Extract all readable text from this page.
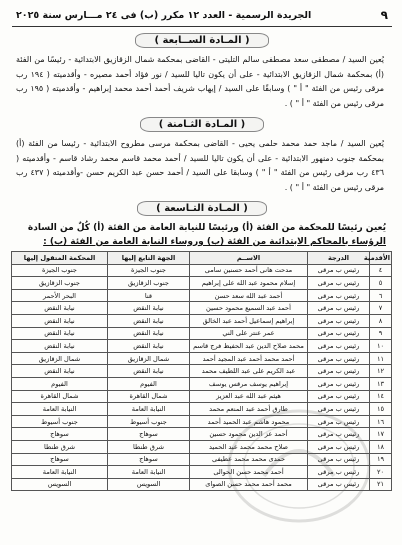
٩
الجريدة الرسمية - العدد ١٢ مكرر (ب) فى ٢٤ مـــارس سنة ٢٠٢٥
( المـادة الســابعة )

يُعين السيد / مصطفى سعد مصطفى سالم التليتى - القاضى بمحكمة شمال الزقازيق الابتدائية - رئيسًا من الفئة (أ) بمحكمة شمال الزقازيق الابتدائية - على أن يكون تاليا للسيد / نور فؤاد أحمد مصيره - وأقدميته ( ١٩٤ رب مرقى رئيس من الفئة " أ " ) وسابقًا على السيد / إيهاب شريف أحمد أحمد محمد إبراهيم - وأقدميته ( ١٩٥ رب مرقى رئيس من الفئة " أ " ) .

( المـادة الثـامنة )

يُعين السيد / ماجد حمد محمد حلمى يحيى - القاضى بمحكمة مرسى مطروح الابتدائية - رئيسا من الفئة (أ) بمحكمة جنوب دمنهور الابتدائية - على أن يكون تاليا للسيد / أحمد محمد قاسم محمد رشاد قاسم - وأقدميته ( ٤٣٦ رب مرقى رئيس من الفئة " أ " ) وسابقا على السيد / أحمد حسن عبد الكريم حسن -وأقدميته ( ٤٣٧ رب مرقى رئيس من الفئة " أ " ) .

( المـادة التـاسعة )
يُعين رئيسًا للمحكمة من الفئة (أ) ورئيسًا للنيابة العامة من الفئة (أ) كُلٌ من السادة
الرؤساء بالمحاكم الابتدائية من الفئة (ب) وروساء النيابة العامة من الفئة (ب) :
الأقدمية	الدرجة	الاســم	الجهة التابع إليها	المحكمة المتقول إليها
٤	رئيس ب مرقى	مدحت هانى أحمد حسنين سامى	جنوب الجيزة	جنوب الجيزة
٥	رئيس ب مرقى	إسلام محمود عبد الله على إبراهيم	جنوب الزقازيق	جنوب الزقازيق
٦	رئيس ب مرقى	أحمد عبد الله سعد حسن	قنا	البحر الأحمر
٧	رئيس ب مرقى	أحمد عبد السميع محمود حسين	نيابة النقض	نيابة النقض
٨	رئيس ب مرقى	إبراهيم إسماعيل أحمد عبد الخالق	نيابة النقض	نيابة النقض
٩	رئيس ب مرقى	عمر عنتر على الني	نيابة النقض	نيابة النقض
١٠	رئيس ب مرقى	محمد صلاح الدين عبد الحفيظ فرج قاسم	نيابة النقض	نيابة النقض
١١	رئيس ب مرقى	أحمد محمد أحمد عبد المجيد أحمد	شمال الزقازيق	شمال الزقازيق
١٢	رئيس ب مرقى	عبد الكريم على عبد اللطيف محمد	نيابة النقض	نيابة النقض
١٣	رئيس ب مرقى	إبراهيم يوسف مرقس يوسف	الفيوم	الفيوم
١٤	رئيس ب مرقى	هيثم عبد الله عبد العزيز	شمال القاهرة	شمال القاهرة
١٥	رئيس ب مرقى	طارق أحمد عبد المنعم محمد	النيابة العامة	النيابة العامة
١٦	رئيس ب مرقى	محمود هاشم عبد الحميد أحمد	جنوب أسيوط	جنوب أسيوط
١٧	رئيس ب مرقى	أحمد عز الدين محمود حسين	سوهاج	سوهاج
١٨	رئيس ب مرقى	صلاح محمد محمد عبد الحميد	شرق طنطا	شرق طنطا
١٩	رئيس ب مرقى	حمدى محمد محمد عطيفى	سوهاج	سوهاج
٢٠	رئيس ب مرقى	أحمد محمد حسن الحوالى	النيابة العامة	النيابة العامة
٢١	رئيس ب مرقى	محمد أحمد محمد حسن الصواى	السويس	السويس
